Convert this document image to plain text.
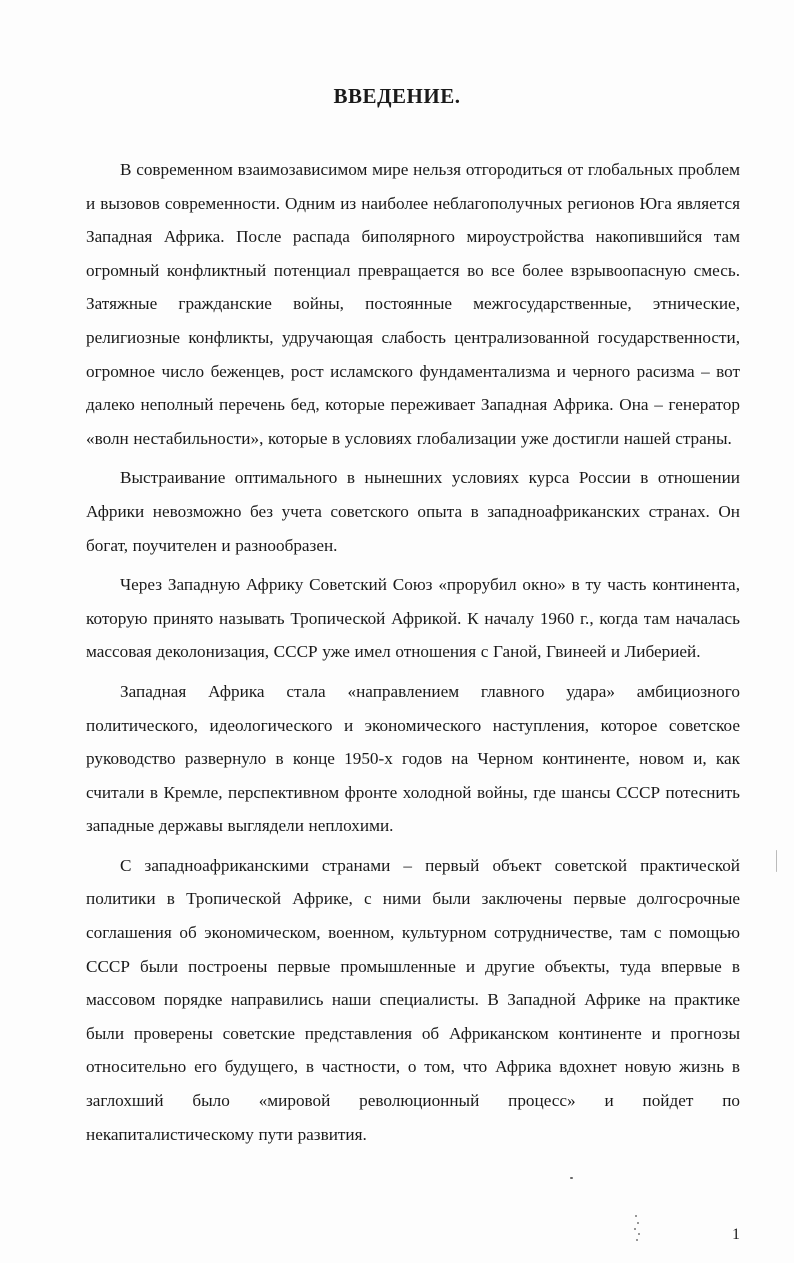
ВВЕДЕНИЕ.

В современном взаимозависимом мире нельзя отгородиться от глобальных проблем и вызовов современности. Одним из наиболее неблагополучных регионов Юга является Западная Африка. После распада биполярного мироустройства накопившийся там огромный конфликтный потенциал превращается во все более взрывоопасную смесь. Затяжные гражданские войны, постоянные межгосударственные, этнические, религиозные конфликты, удручающая слабость централизованной государственности, огромное число беженцев, рост исламского фундаментализма и черного расизма – вот далеко неполный перечень бед, которые переживает Западная Африка. Она – генератор «волн нестабильности», которые в условиях глобализации уже достигли нашей страны.

Выстраивание оптимального в нынешних условиях курса России в отношении Африки невозможно без учета советского опыта в западноафриканских странах. Он богат, поучителен и разнообразен.

Через Западную Африку Советский Союз «прорубил окно» в ту часть континента, которую принято называть Тропической Африкой. К началу 1960 г., когда там началась массовая деколонизация, СССР уже имел отношения с Ганой, Гвинеей и Либерией.

Западная Африка стала «направлением главного удара» амбициозного политического, идеологического и экономического наступления, которое советское руководство развернуло в конце 1950-х годов на Черном континенте, новом и, как считали в Кремле, перспективном фронте холодной войны, где шансы СССР потеснить западные державы выглядели неплохими.

С западноафриканскими странами – первый объект советской практической политики в Тропической Африке, с ними были заключены первые долгосрочные соглашения об экономическом, военном, культурном сотрудничестве, там с помощью СССР были построены первые промышленные и другие объекты, туда впервые в массовом порядке направились наши специалисты. В Западной Африке на практике были проверены советские представления об Африканском континенте и прогнозы относительно его будущего, в частности, о том, что Африка вдохнет новую жизнь в заглохший было «мировой революционный процесс» и пойдет по некапиталистическому пути развития.

1
